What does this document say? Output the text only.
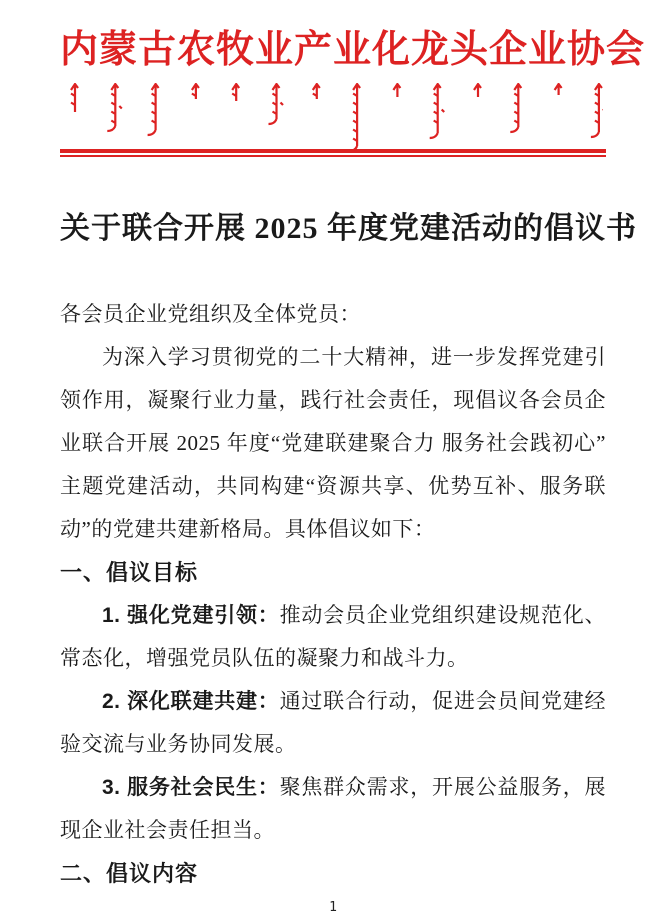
内蒙古农牧业产业化龙头企业协会
关于联合开展 2025 年度党建活动的倡议书

各会员企业党组织及全体党员：

为深入学习贯彻党的二十大精神，进一步发挥党建引领作用，凝聚行业力量，践行社会责任，现倡议各会员企业联合开展 2025 年度“党建联建聚合力 服务社会践初心”主题党建活动，共同构建“资源共享、优势互补、服务联动”的党建共建新格局。具体倡议如下：

一、倡议目标

1. 强化党建引领：推动会员企业党组织建设规范化、常态化，增强党员队伍的凝聚力和战斗力。

2. 深化联建共建：通过联合行动，促进会员间党建经验交流与业务协同发展。

3. 服务社会民生：聚焦群众需求，开展公益服务，展现企业社会责任担当。

二、倡议内容
1
